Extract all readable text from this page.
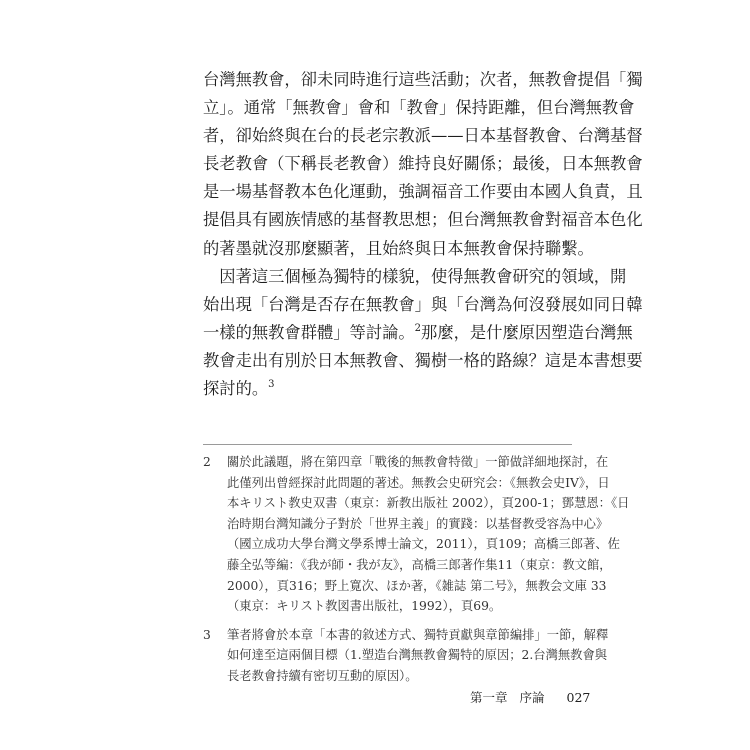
台灣無教會，卻未同時進行這些活動；次者，無教會提倡「獨
立」。通常「無教會」會和「教會」保持距離，但台灣無教會
者，卻始終與在台的長老宗教派——日本基督教會、台灣基督
長老教會（下稱長老教會）維持良好關係；最後，日本無教會
是一場基督教本色化運動，強調福音工作要由本國人負責，且
提倡具有國族情感的基督教思想；但台灣無教會對福音本色化
的著墨就沒那麼顯著，且始終與日本無教會保持聯繫。
因著這三個極為獨特的樣貌，使得無教會研究的領域，開
始出現「台灣是否存在無教會」與「台灣為何沒發展如同日韓
一樣的無教會群體」等討論。$^2$那麼，是什麼原因塑造台灣無
教會走出有別於日本無教會、獨樹一格的路線？這是本書想要
探討的。$^3$
2 關於此議題，將在第四章「戰後的無教會特徵」一節做詳細地探討，在
此僅列出曾經探討此問題的著述。無教会史研究会：《無教会史IV》，日
本キリスト教史双書（東京：新教出版社 2002），頁200-1；鄧慧恩：《日
治時期台灣知識分子對於「世界主義」的實踐：以基督教受容為中心》
（國立成功大學台灣文學系博士論文，2011），頁109；高橋三郎著、佐
藤全弘等編：《我が師・我が友》，高橋三郎著作集11（東京：教文館，
2000），頁316；野上寛次、ほか著，《雑誌 第二号》，無教会文庫 33
（東京：キリスト教図書出版社，1992），頁69。
3 筆者將會於本章「本書的敘述方式、獨特貢獻與章節編排」一節，解釋
如何達至這兩個目標（1.塑造台灣無教會獨特的原因；2.台灣無教會與
長老教會持續有密切互動的原因）。
第一章 序論 027
